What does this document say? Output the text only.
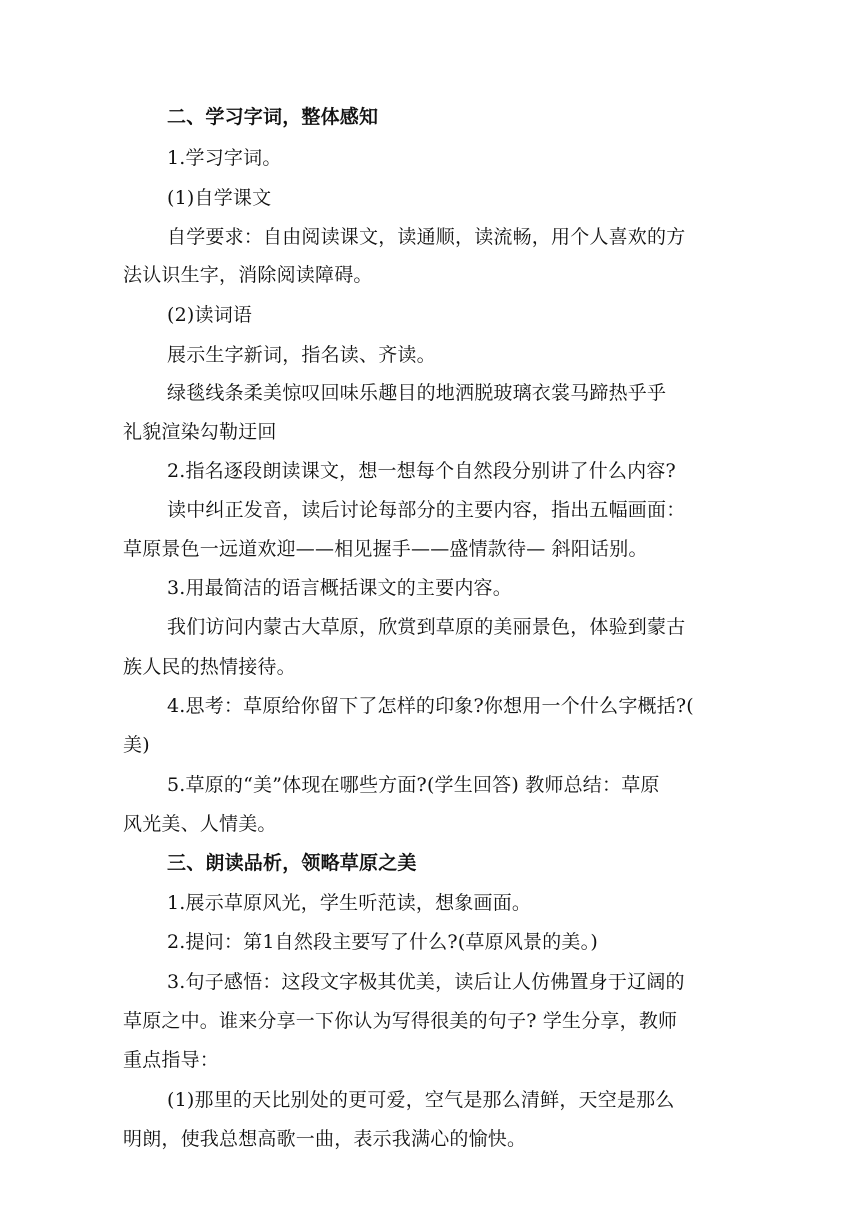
二、学习字词，整体感知
1.学习字词。
(1)自学课文
自学要求：自由阅读课文，读通顺，读流畅，用个人喜欢的方
法认识生字，消除阅读障碍。
(2)读词语
展示生字新词，指名读、齐读。
绿毯线条柔美惊叹回味乐趣目的地洒脱玻璃衣裳马蹄热乎乎
礼貌渲染勾勒迂回
2.指名逐段朗读课文，想一想每个自然段分别讲了什么内容?
读中纠正发音，读后讨论每部分的主要内容，指出五幅画面：
草原景色一远道欢迎——相见握手——盛情款待— 斜阳话别。
3.用最简洁的语言概括课文的主要内容。
我们访问内蒙古大草原，欣赏到草原的美丽景色，体验到蒙古
族人民的热情接待。
4.思考：草原给你留下了怎样的印象?你想用一个什么字概括?(
美)
5.草原的“美”体现在哪些方面?(学生回答) 教师总结：草原
风光美、人情美。
三、朗读品析，领略草原之美
1.展示草原风光，学生听范读，想象画面。
2.提问：第1自然段主要写了什么?(草原风景的美。)
3.句子感悟：这段文字极其优美，读后让人仿佛置身于辽阔的
草原之中。谁来分享一下你认为写得很美的句子? 学生分享，教师
重点指导：
(1)那里的天比别处的更可爱，空气是那么清鲜，天空是那么
明朗，使我总想高歌一曲，表示我满心的愉快。
